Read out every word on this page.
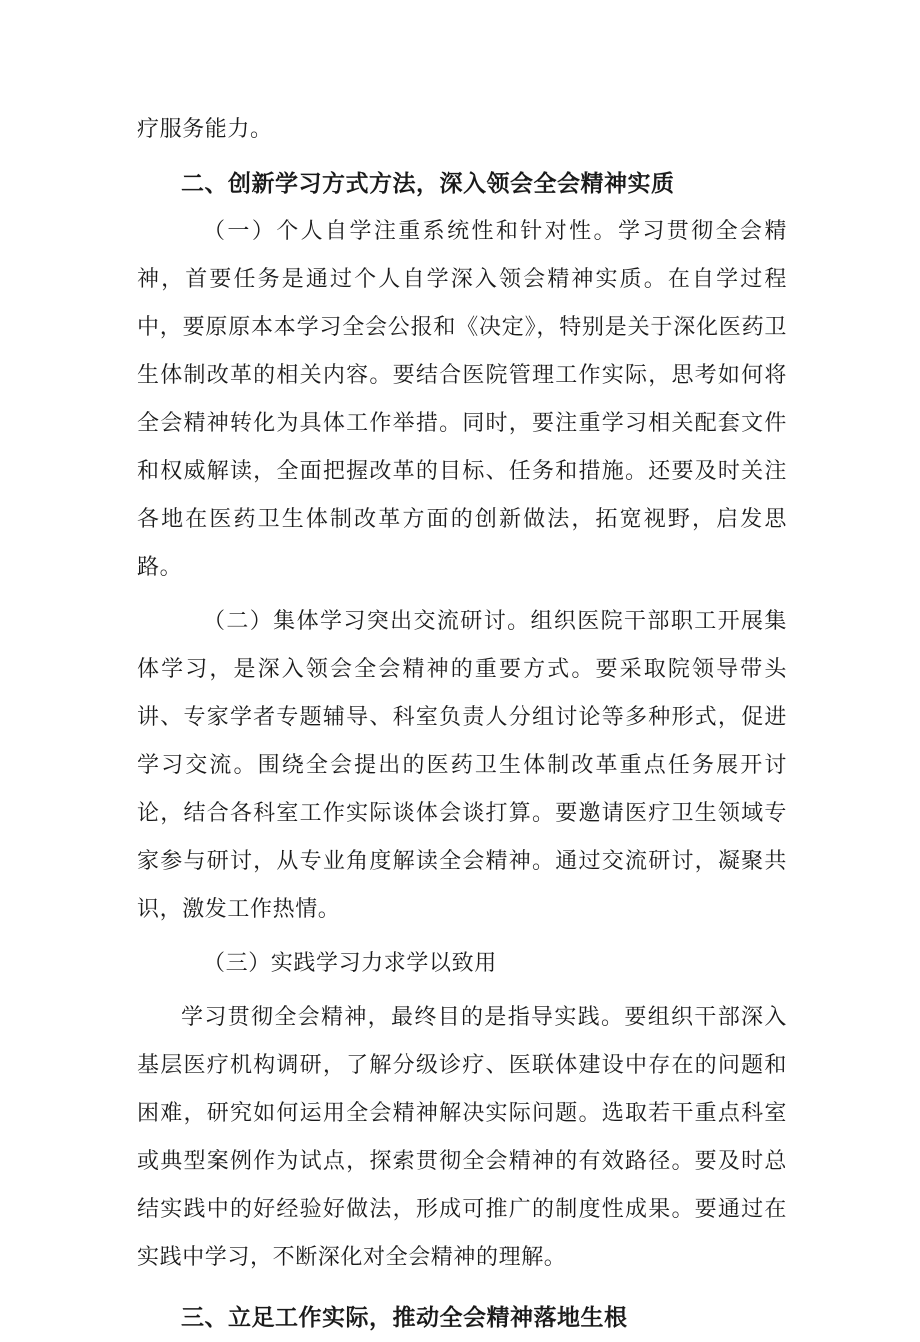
疗服务能力。

二、创新学习方式方法，深入领会全会精神实质

（一）个人自学注重系统性和针对性。学习贯彻全会精神，首要任务是通过个人自学深入领会精神实质。在自学过程中，要原原本本学习全会公报和《决定》，特别是关于深化医药卫生体制改革的相关内容。要结合医院管理工作实际，思考如何将全会精神转化为具体工作举措。同时，要注重学习相关配套文件和权威解读，全面把握改革的目标、任务和措施。还要及时关注各地在医药卫生体制改革方面的创新做法，拓宽视野，启发思路。

（二）集体学习突出交流研讨。组织医院干部职工开展集体学习，是深入领会全会精神的重要方式。要采取院领导带头讲、专家学者专题辅导、科室负责人分组讨论等多种形式，促进学习交流。围绕全会提出的医药卫生体制改革重点任务展开讨论，结合各科室工作实际谈体会谈打算。要邀请医疗卫生领域专家参与研讨，从专业角度解读全会精神。通过交流研讨，凝聚共识，激发工作热情。

（三）实践学习力求学以致用

学习贯彻全会精神，最终目的是指导实践。要组织干部深入基层医疗机构调研，了解分级诊疗、医联体建设中存在的问题和困难，研究如何运用全会精神解决实际问题。选取若干重点科室或典型案例作为试点，探索贯彻全会精神的有效路径。要及时总结实践中的好经验好做法，形成可推广的制度性成果。要通过在实践中学习，不断深化对全会精神的理解。

三、立足工作实际，推动全会精神落地生根
